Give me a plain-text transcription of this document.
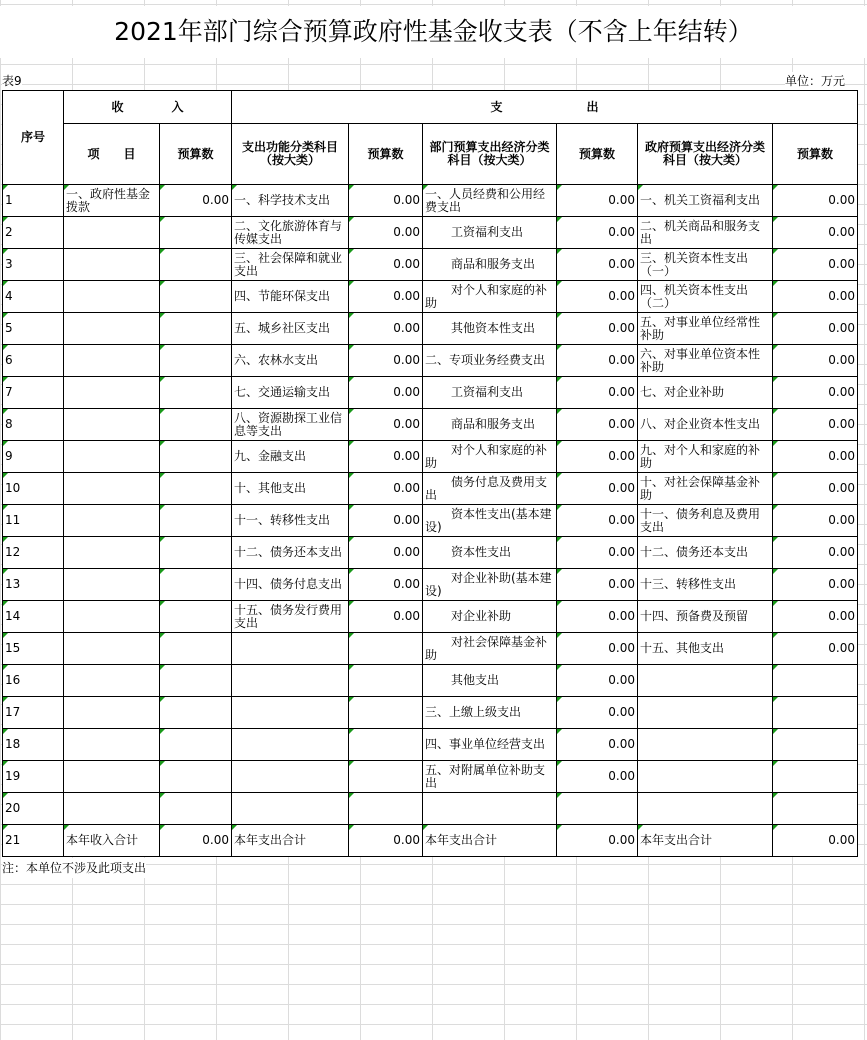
2021年部门综合预算政府性基金收支表（不含上年结转）
表9	单位：万元
序号	收　　　　入		支　　　　　　　出					
	项　　目	预算数	支出功能分类科目（按大类）	预算数	部门预算支出经济分类科目（按大类）	预算数	政府预算支出经济分类科目（按大类）	预算数
1	一、政府性基金拨款	0.00	一、科学技术支出	0.00	一、人员经费和公用经费支出	0.00	一、机关工资福利支出	0.00
2			二、文化旅游体育与传媒支出	0.00	工资福利支出	0.00	二、机关商品和服务支出	0.00
3			三、社会保障和就业支出	0.00	商品和服务支出	0.00	三、机关资本性支出（一）	0.00
4			四、节能环保支出	0.00	对个人和家庭的补助	0.00	四、机关资本性支出（二）	0.00
5			五、城乡社区支出	0.00	其他资本性支出	0.00	五、对事业单位经常性补助	0.00
6			六、农林水支出	0.00	二、专项业务经费支出	0.00	六、对事业单位资本性补助	0.00
7			七、交通运输支出	0.00	工资福利支出	0.00	七、对企业补助	0.00
8			八、资源勘探工业信息等支出	0.00	商品和服务支出	0.00	八、对企业资本性支出	0.00
9			九、金融支出	0.00	对个人和家庭的补助	0.00	九、对个人和家庭的补助	0.00
10			十、其他支出	0.00	债务付息及费用支出	0.00	十、对社会保障基金补助	0.00
11			十一、转移性支出	0.00	资本性支出(基本建设)	0.00	十一、债务利息及费用支出	0.00
12			十二、债务还本支出	0.00	资本性支出	0.00	十二、债务还本支出	0.00
13			十四、债务付息支出	0.00	对企业补助(基本建设)	0.00	十三、转移性支出	0.00
14			十五、债务发行费用支出	0.00	对企业补助	0.00	十四、预备费及预留	0.00
15					对社会保障基金补助	0.00	十五、其他支出	0.00
16					其他支出	0.00		
17					三、上缴上级支出	0.00		
18					四、事业单位经营支出	0.00		
19					五、对附属单位补助支出	0.00		
20								
21	本年收入合计	0.00	本年支出合计	0.00	本年支出合计	0.00	本年支出合计	0.00
注：本单位不涉及此项支出
